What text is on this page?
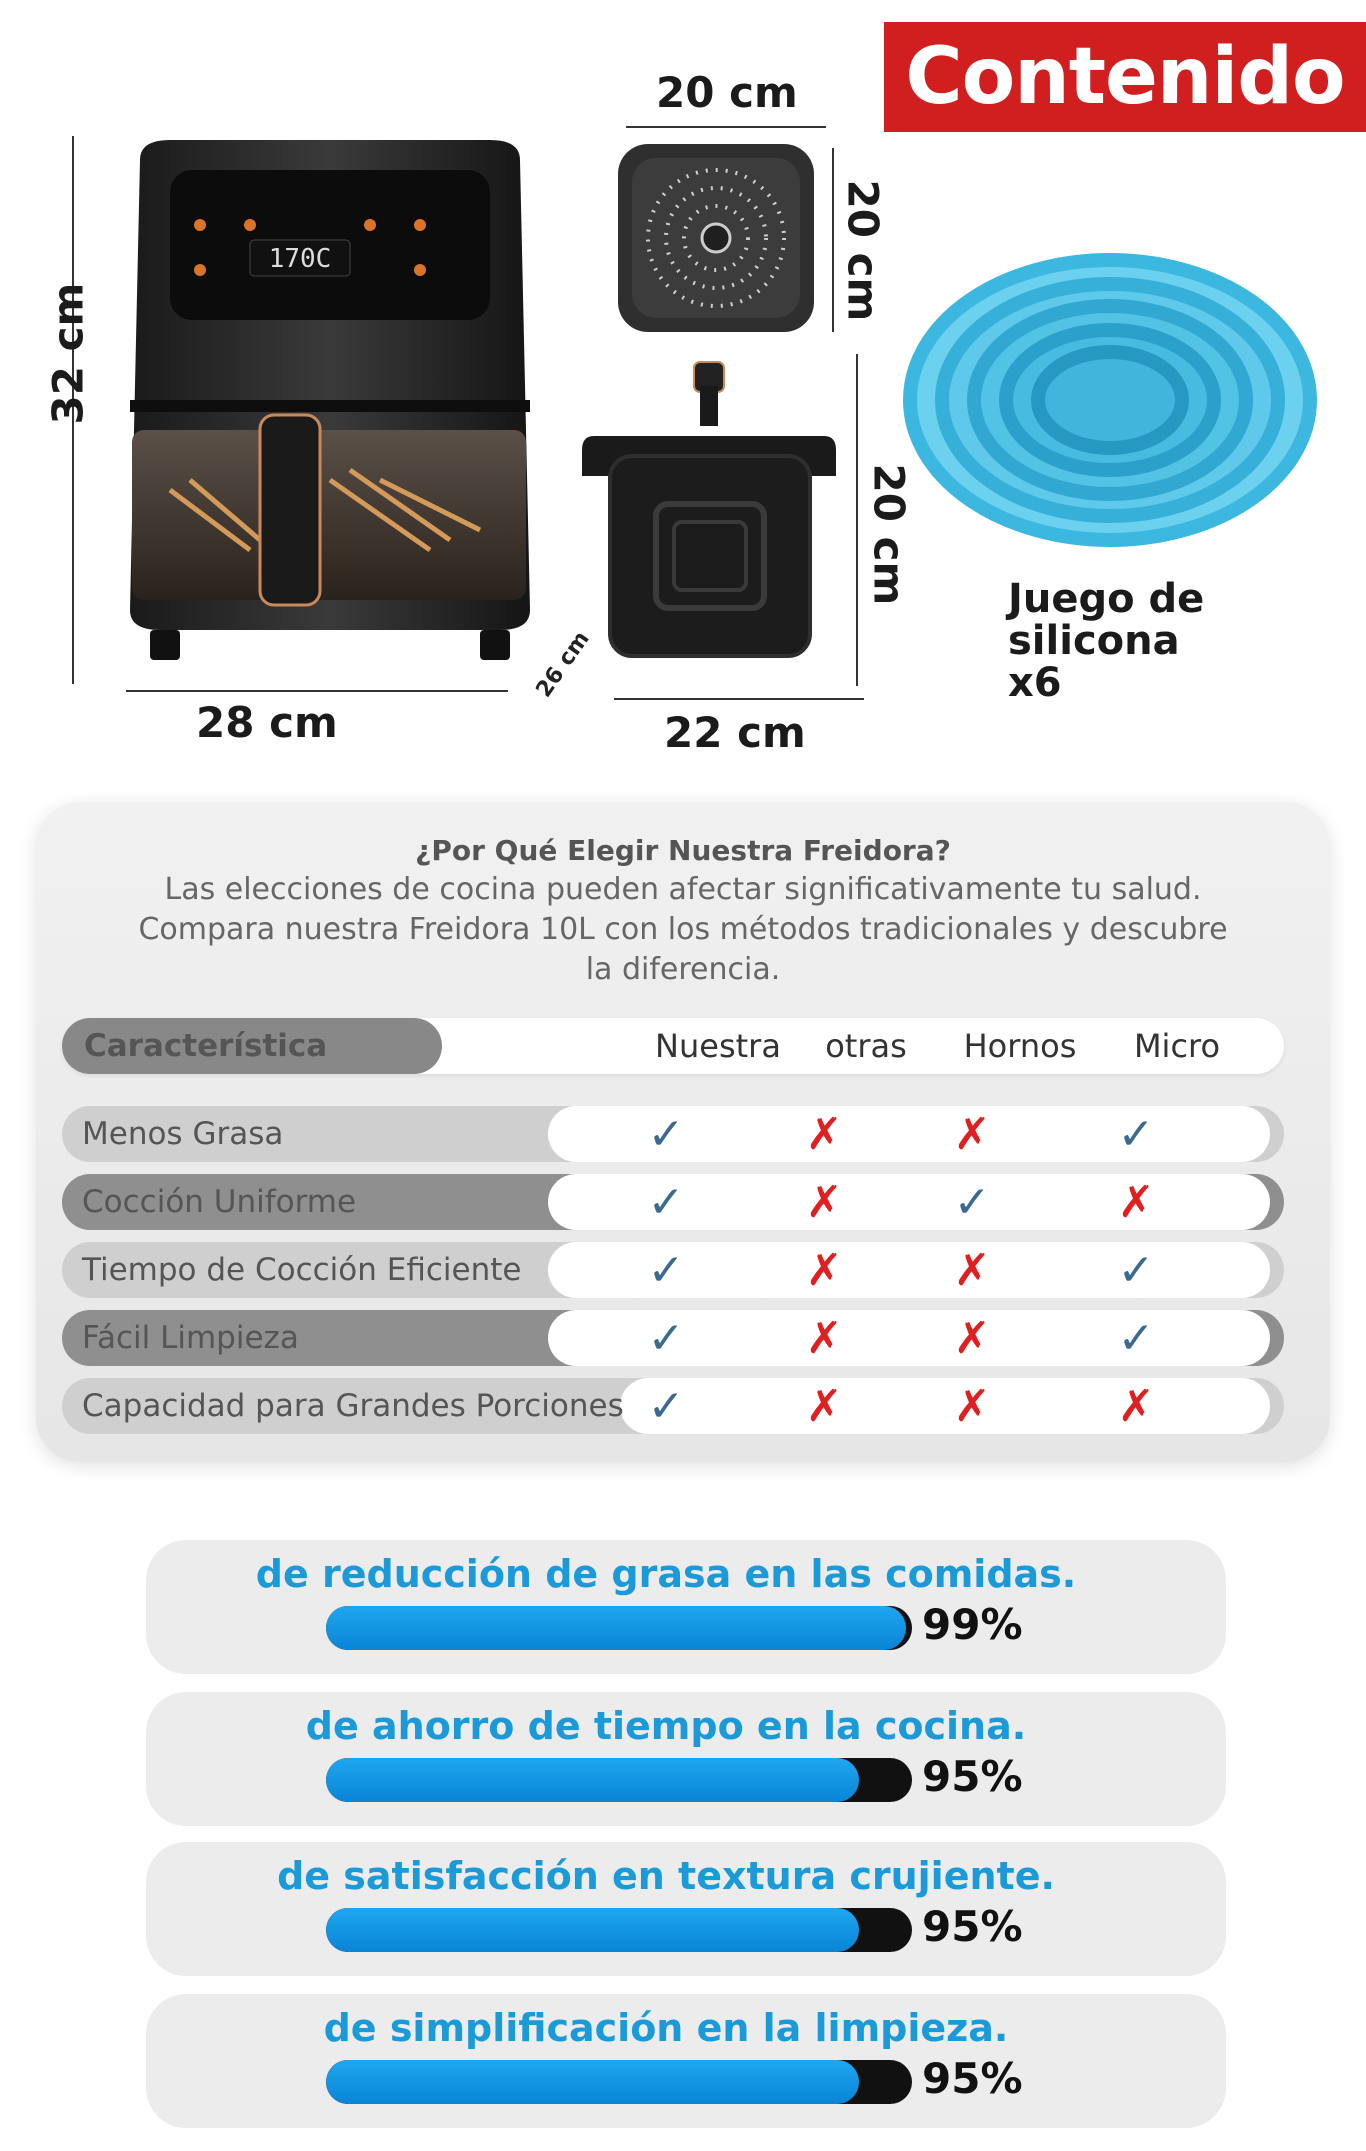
Contenido
170C
32 cm
28 cm
26 cm
20 cm
20 cm
20 cm
22 cm
Juego de silicona x6
¿Por Qué Elegir Nuestra Freidora?
Las elecciones de cocina pueden afectar significativamente tu salud. Compara nuestra Freidora 10L con los métodos tradicionales y descubre la diferencia.
Característica	Nuestra	otras	Hornos	Micro
Menos Grasa	✓	✗	✗	✓
Cocción Uniforme	✓	✗	✓	✗
Tiempo de Cocción Eficiente	✓	✗	✗	✓
Fácil Limpieza	✓	✗	✗	✓
Capacidad para Grandes Porciones ✓	✗	✗	✗
de reducción de grasa en las comidas.
99%
de ahorro de tiempo en la cocina.
95%
de satisfacción en textura crujiente.
95%
de simplificación en la limpieza.
95%
